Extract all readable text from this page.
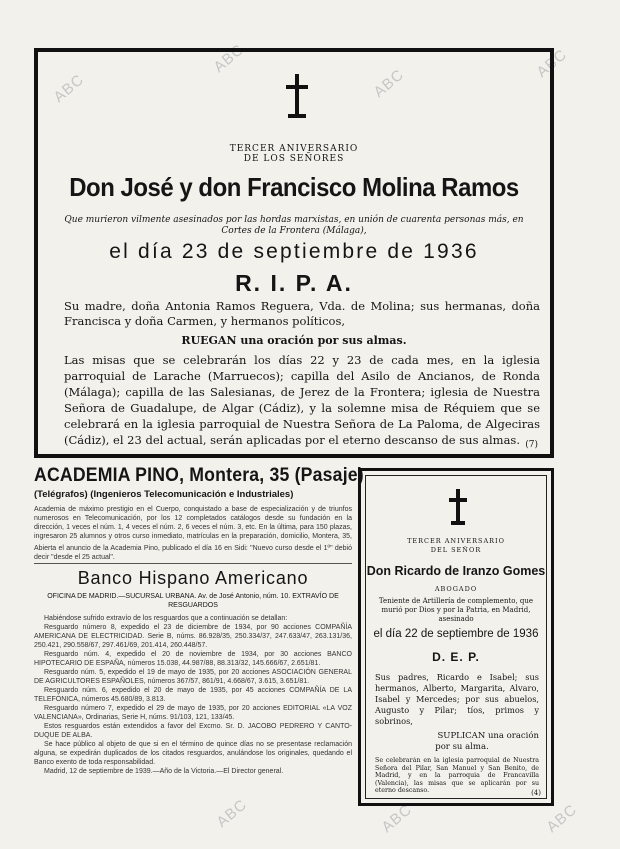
ABC
ABC
ABC
ABC
ABC	ABC	ABC
TERCER ANIVERSARIO
DE LOS SEÑORES
Don José y don Francisco Molina Ramos
Que murieron vilmente asesinados por las hordas marxistas, en unión de cuarenta personas más, en Cortes de la Frontera (Málaga),
el día 23 de septiembre de 1936
R. I. P. A.

Su madre, doña Antonia Ramos Reguera, Vda. de Molina; sus hermanas, doña Francisca y doña Carmen, y hermanos políticos,

RUEGAN una oración por sus almas.

Las misas que se celebrarán los días 22 y 23 de cada mes, en la iglesia parroquial de Larache (Marruecos); capilla del Asilo de Ancianos, de Ronda (Málaga); capilla de las Salesianas, de Jerez de la Frontera; iglesia de Nuestra Señora de Guadalupe, de Algar (Cádiz), y la solemne misa de Réquiem que se celebrará en la iglesia parroquial de Nuestra Señora de La Paloma, de Algeciras (Cádiz), el 23 del actual, serán aplicadas por el eterno descanso de sus almas. (7)
ACADEMIA PINO, Montera, 35 (Pasaje)
(Telégrafos) (Ingenieros Telecomunicación e Industriales)

Academia de máximo prestigio en el Cuerpo, conquistado a base de especialización y de triunfos numerosos en Telecomunicación, por los 12 completados catálogos desde su fundación en la dirección, 1 veces el núm. 1, 4 veces el núm. 2, 6 veces el núm. 3, etc. En la última, para 150 plazas, ingresaron 25 alumnos y otros curso inmediato, matrículas en la preparación, domicilio, Montera, 35,

Abierta el anuncio de la Academia Pino, publicado el día 16 en Sidi: "Nuevo curso desde el 1º" debió decir "desde el 25 actual".

Banco Hispano Americano
OFICINA DE MADRID.—SUCURSAL URBANA. Av. de José Antonio, núm. 10. EXTRAVÍO DE RESGUARDOS

Habiéndose sufrido extravío de los resguardos que a continuación se detallan:

Resguardo número 8, expedido el 23 de diciembre de 1934, por 90 acciones COMPAÑÍA AMERICANA DE ELECTRICIDAD. Serie B, núms. 86.928/35, 250.334/37, 247.633/47, 263.131/36, 250.421, 290.558/67, 297.461/69, 201.414, 260.448/57.

Resguardo núm. 4, expedido el 20 de noviembre de 1934, por 30 acciones BANCO HIPOTECARIO DE ESPAÑA, números 15.038, 44.987/88, 88.313/32, 145.666/67, 2.651/81.

Resguardo núm. 5, expedido el 19 de mayo de 1935, por 20 acciones ASOCIACIÓN GENERAL DE AGRICULTORES ESPAÑOLES, números 367/57, 861/91, 4.668/67, 3.615, 3.651/81.

Resguardo núm. 6, expedido el 20 de mayo de 1935, por 45 acciones COMPAÑÍA DE LA TELEFÓNICA, números 45.680/89, 3.813.

Resguardo número 7, expedido el 29 de mayo de 1935, por 20 acciones EDITORIAL «LA VOZ VALENCIANA», Ordinarias, Serie H, núms. 91/103, 121, 133/45.

Estos resguardos están extendidos a favor del Excmo. Sr. D. JACOBO PEDRERO Y CANTO-DUQUE DE ALBA.

Se hace público al objeto de que si en el término de quince días no se presentase reclamación alguna, se expedirán duplicados de los citados resguardos, anulándose los originales, quedando el Banco exento de toda responsabilidad.

Madrid, 12 de septiembre de 1939.—Año de la Victoria.—El Director general.

TERCER ANIVERSARIO
DEL SEÑOR
Don Ricardo de Iranzo Gomes
ABOGADO

Teniente de Artillería de complemento, que murió por Dios y por la Patria, en Madrid, asesinado

el día 22 de septiembre de 1936
D. E. P.

Sus padres, Ricardo e Isabel; sus hermanos, Alberto, Margarita, Alvaro, Isabel y Mercedes; por sus abuelos, Augusto y Pilar; tíos, primos y sobrinos,

SUPLICAN una oración
por su alma.

Se celebrarán en la iglesia parroquial de Nuestra Señora del Pilar, San Manuel y San Benito, de Madrid, y en la parroquia de Francavilla (Valencia), las misas que se aplicarán por su eterno descanso.	(4)
